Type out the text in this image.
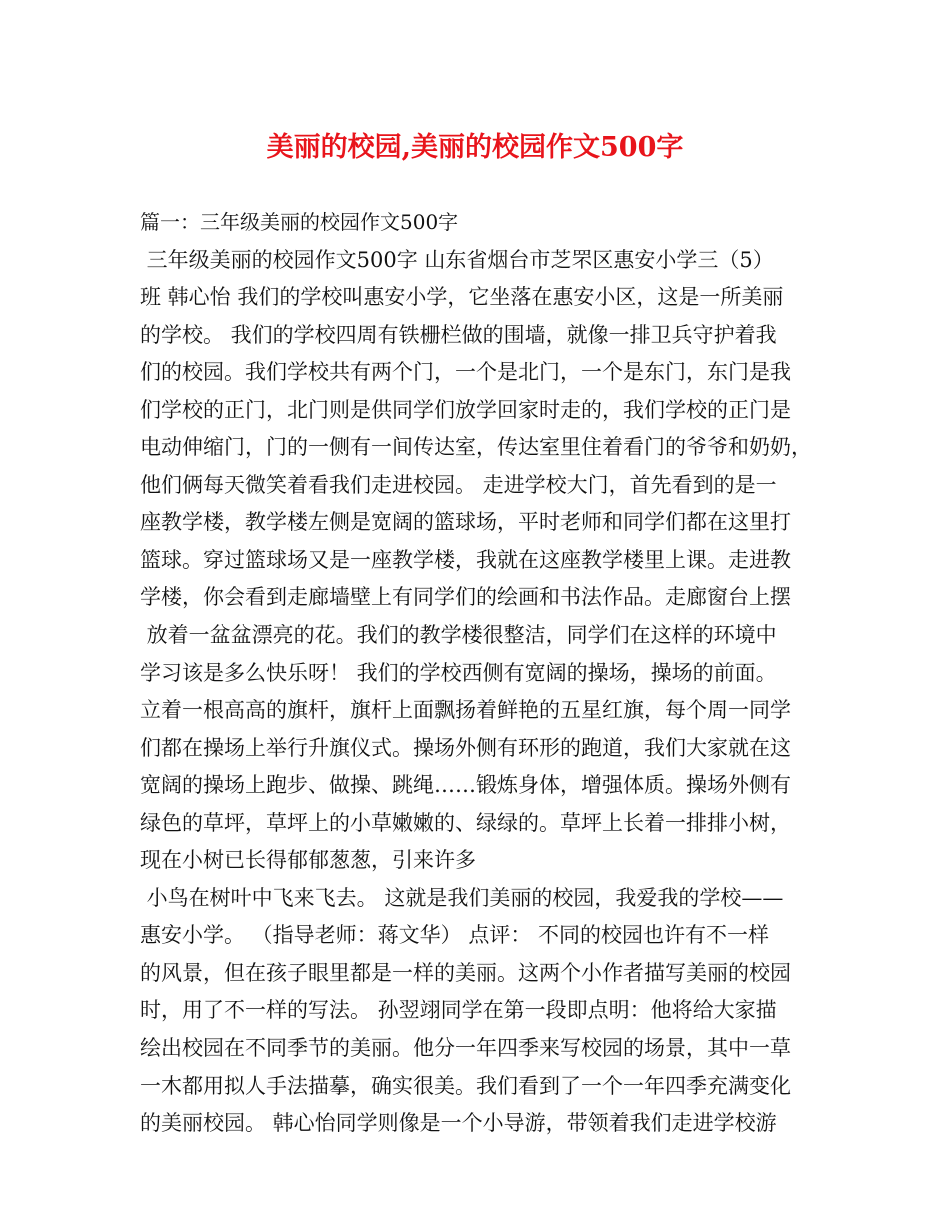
美丽的校园,美丽的校园作文500字
篇一：三年级美丽的校园作文500字
三年级美丽的校园作文500字 山东省烟台市芝罘区惠安小学三（5）
班 韩心怡 我们的学校叫惠安小学，它坐落在惠安小区，这是一所美丽
的学校。 我们的学校四周有铁栅栏做的围墙，就像一排卫兵守护着我
们的校园。我们学校共有两个门，一个是北门，一个是东门，东门是我
们学校的正门，北门则是供同学们放学回家时走的，我们学校的正门是
电动伸缩门，门的一侧有一间传达室，传达室里住着看门的爷爷和奶奶，
他们俩每天微笑着看我们走进校园。 走进学校大门，首先看到的是一
座教学楼，教学楼左侧是宽阔的篮球场，平时老师和同学们都在这里打
篮球。穿过篮球场又是一座教学楼，我就在这座教学楼里上课。走进教
学楼，你会看到走廊墙壁上有同学们的绘画和书法作品。走廊窗台上摆
放着一盆盆漂亮的花。我们的教学楼很整洁，同学们在这样的环境中
学习该是多么快乐呀！ 我们的学校西侧有宽阔的操场，操场的前面。
立着一根高高的旗杆，旗杆上面飘扬着鲜艳的五星红旗，每个周一同学
们都在操场上举行升旗仪式。操场外侧有环形的跑道，我们大家就在这
宽阔的操场上跑步、做操、跳绳……锻炼身体，增强体质。操场外侧有
绿色的草坪，草坪上的小草嫩嫩的、绿绿的。草坪上长着一排排小树，
现在小树已长得郁郁葱葱，引来许多
小鸟在树叶中飞来飞去。 这就是我们美丽的校园，我爱我的学校——
惠安小学。 （指导老师：蒋文华） 点评： 不同的校园也许有不一样
的风景，但在孩子眼里都是一样的美丽。这两个小作者描写美丽的校园
时，用了不一样的写法。 孙翌翊同学在第一段即点明：他将给大家描
绘出校园在不同季节的美丽。他分一年四季来写校园的场景，其中一草
一木都用拟人手法描摹，确实很美。我们看到了一个一年四季充满变化
的美丽校园。 韩心怡同学则像是一个小导游，带领着我们走进学校游
